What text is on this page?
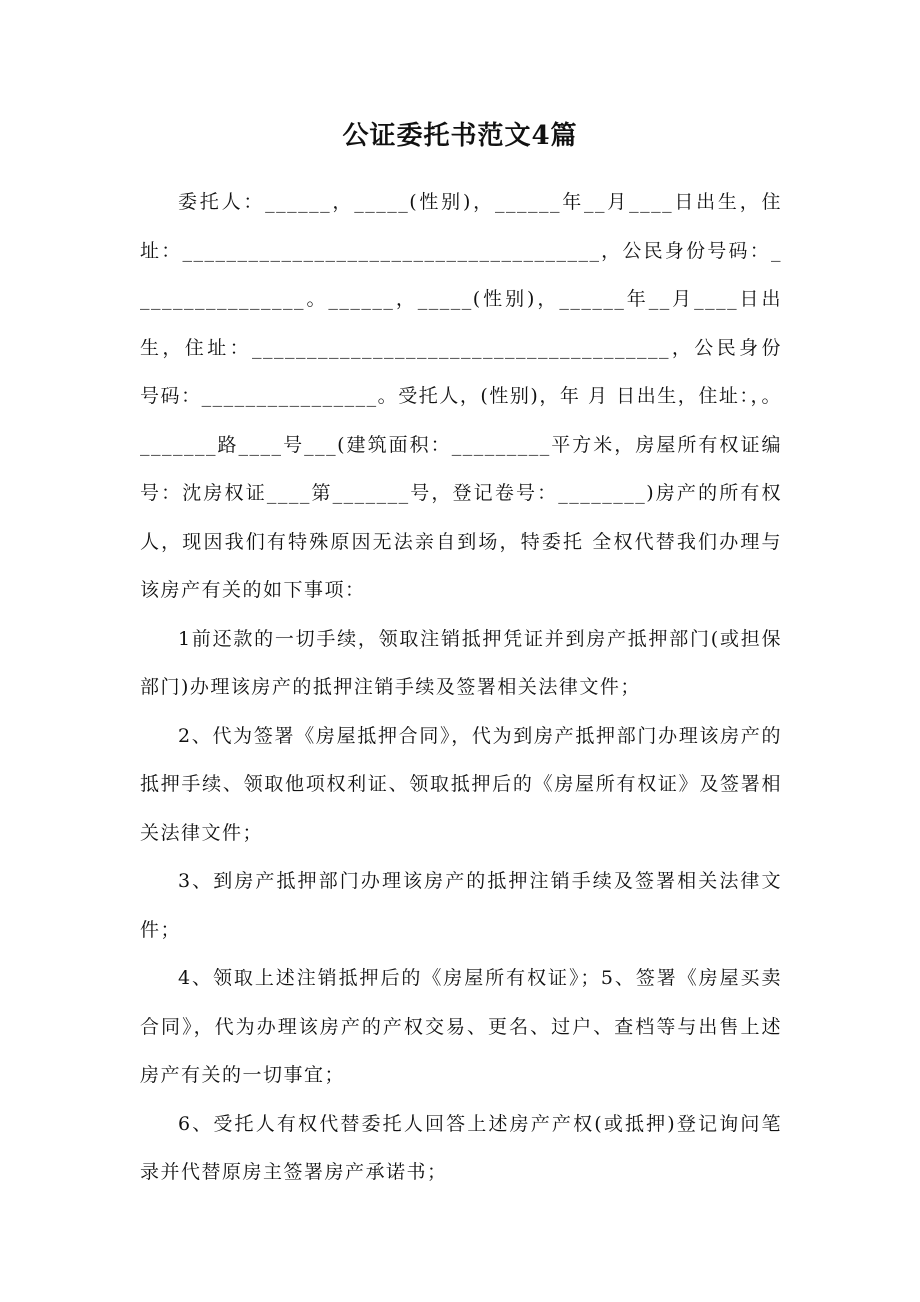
公证委托书范文4篇

委托人：______，_____(性别)，______年__月____日出生，住址：______________________________________，公民身份号码：________________。______，_____(性别)，______年__月____日出生，住址：______________________________________，公民身份号码：________________。受托人，(性别)，年 月 日出生，住址：，。_______路____号___(建筑面积：_________平方米，房屋所有权证编号：沈房权证____第_______号，登记卷号：________)房产的所有权人，现因我们有特殊原因无法亲自到场，特委托 全权代替我们办理与该房产有关的如下事项：

1前还款的一切手续，领取注销抵押凭证并到房产抵押部门(或担保部门)办理该房产的抵押注销手续及签署相关法律文件；

2、代为签署《房屋抵押合同》，代为到房产抵押部门办理该房产的抵押手续、领取他项权利证、领取抵押后的《房屋所有权证》及签署相关法律文件；

3、到房产抵押部门办理该房产的抵押注销手续及签署相关法律文件；

4、领取上述注销抵押后的《房屋所有权证》；5、签署《房屋买卖合同》，代为办理该房产的产权交易、更名、过户、查档等与出售上述房产有关的一切事宜；

6、受托人有权代替委托人回答上述房产产权(或抵押)登记询问笔录并代替原房主签署房产承诺书；
